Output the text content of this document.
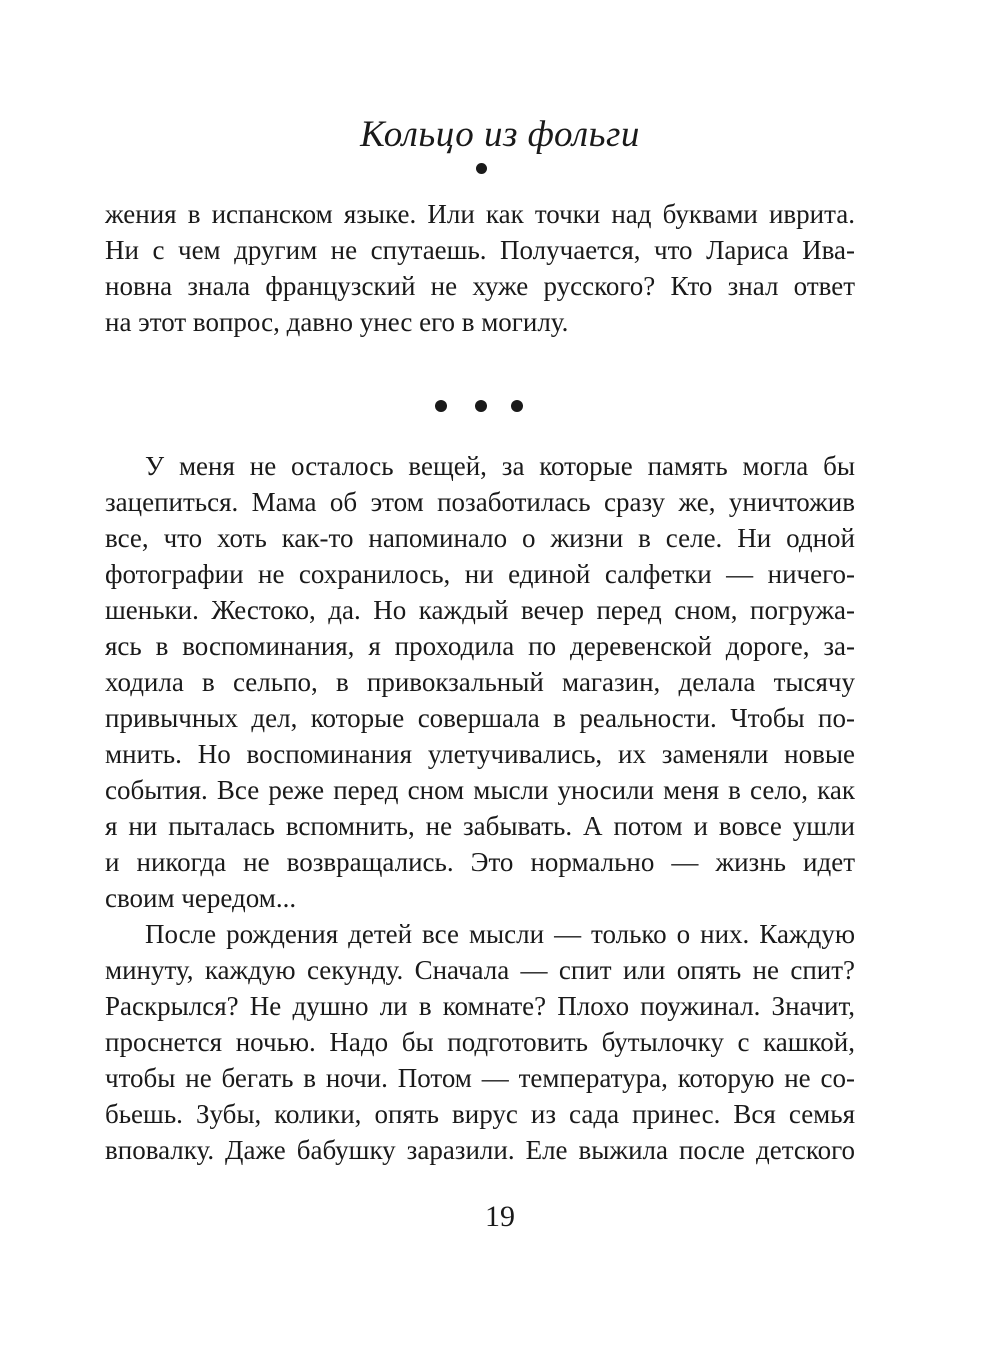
Кольцо из фольги
жения в испанском языке. Или как точки над буквами иврита.
Ни с чем другим не спутаешь. Получается, что Лариса Ива-
новна знала французский не хуже русского? Кто знал ответ
на этот вопрос, давно унес его в могилу.
У меня не осталось вещей, за которые память могла бы
зацепиться. Мама об этом позаботилась сразу же, уничтожив
все, что хоть как-то напоминало о жизни в селе. Ни одной
фотографии не сохранилось, ни единой салфетки — ничего-
шеньки. Жестоко, да. Но каждый вечер перед сном, погружа-
ясь в воспоминания, я проходила по деревенской дороге, за-
ходила в сельпо, в привокзальный магазин, делала тысячу
привычных дел, которые совершала в реальности. Чтобы по-
мнить. Но воспоминания улетучивались, их заменяли новые
события. Все реже перед сном мысли уносили меня в село, как
я ни пыталась вспомнить, не забывать. А потом и вовсе ушли
и никогда не возвращались. Это нормально — жизнь идет
своим чередом...
После рождения детей все мысли — только о них. Каждую
минуту, каждую секунду. Сначала — спит или опять не спит?
Раскрылся? Не душно ли в комнате? Плохо поужинал. Значит,
проснется ночью. Надо бы подготовить бутылочку с кашкой,
чтобы не бегать в ночи. Потом — температура, которую не со-
бьешь. Зубы, колики, опять вирус из сада принес. Вся семья
вповалку. Даже бабушку заразили. Еле выжила после детского
19
